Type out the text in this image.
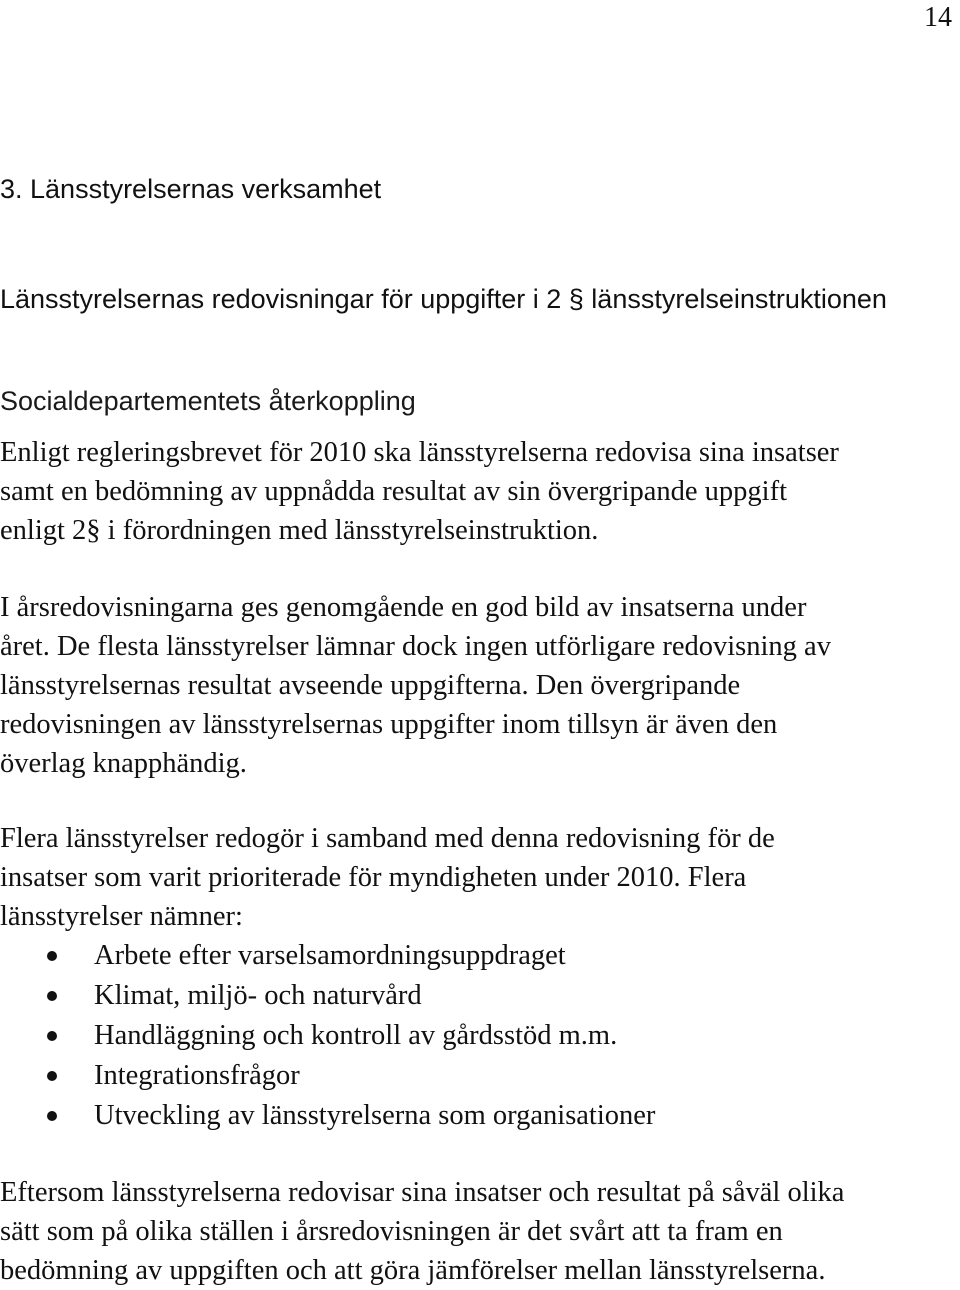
14
3. Länsstyrelsernas verksamhet
Länsstyrelsernas redovisningar för uppgifter i 2 § länsstyrelseinstruktionen
Socialdepartementets återkoppling

Enligt regleringsbrevet för 2010 ska länsstyrelserna redovisa sina insatser
samt en bedömning av uppnådda resultat av sin övergripande uppgift
enligt 2§ i förordningen med länsstyrelseinstruktion.

I årsredovisningarna ges genomgående en god bild av insatserna under
året. De flesta länsstyrelser lämnar dock ingen utförligare redovisning av
länsstyrelsernas resultat avseende uppgifterna. Den övergripande
redovisningen av länsstyrelsernas uppgifter inom tillsyn är även den
överlag knapphändig.

Flera länsstyrelser redogör i samband med denna redovisning för de
insatser som varit prioriterade för myndigheten under 2010. Flera
länsstyrelser nämner:

Arbete efter varselsamordningsuppdraget
Klimat, miljö- och naturvård
Handläggning och kontroll av gårdsstöd m.m.
Integrationsfrågor
Utveckling av länsstyrelserna som organisationer

Eftersom länsstyrelserna redovisar sina insatser och resultat på såväl olika
sätt som på olika ställen i årsredovisningen är det svårt att ta fram en
bedömning av uppgiften och att göra jämförelser mellan länsstyrelserna.
